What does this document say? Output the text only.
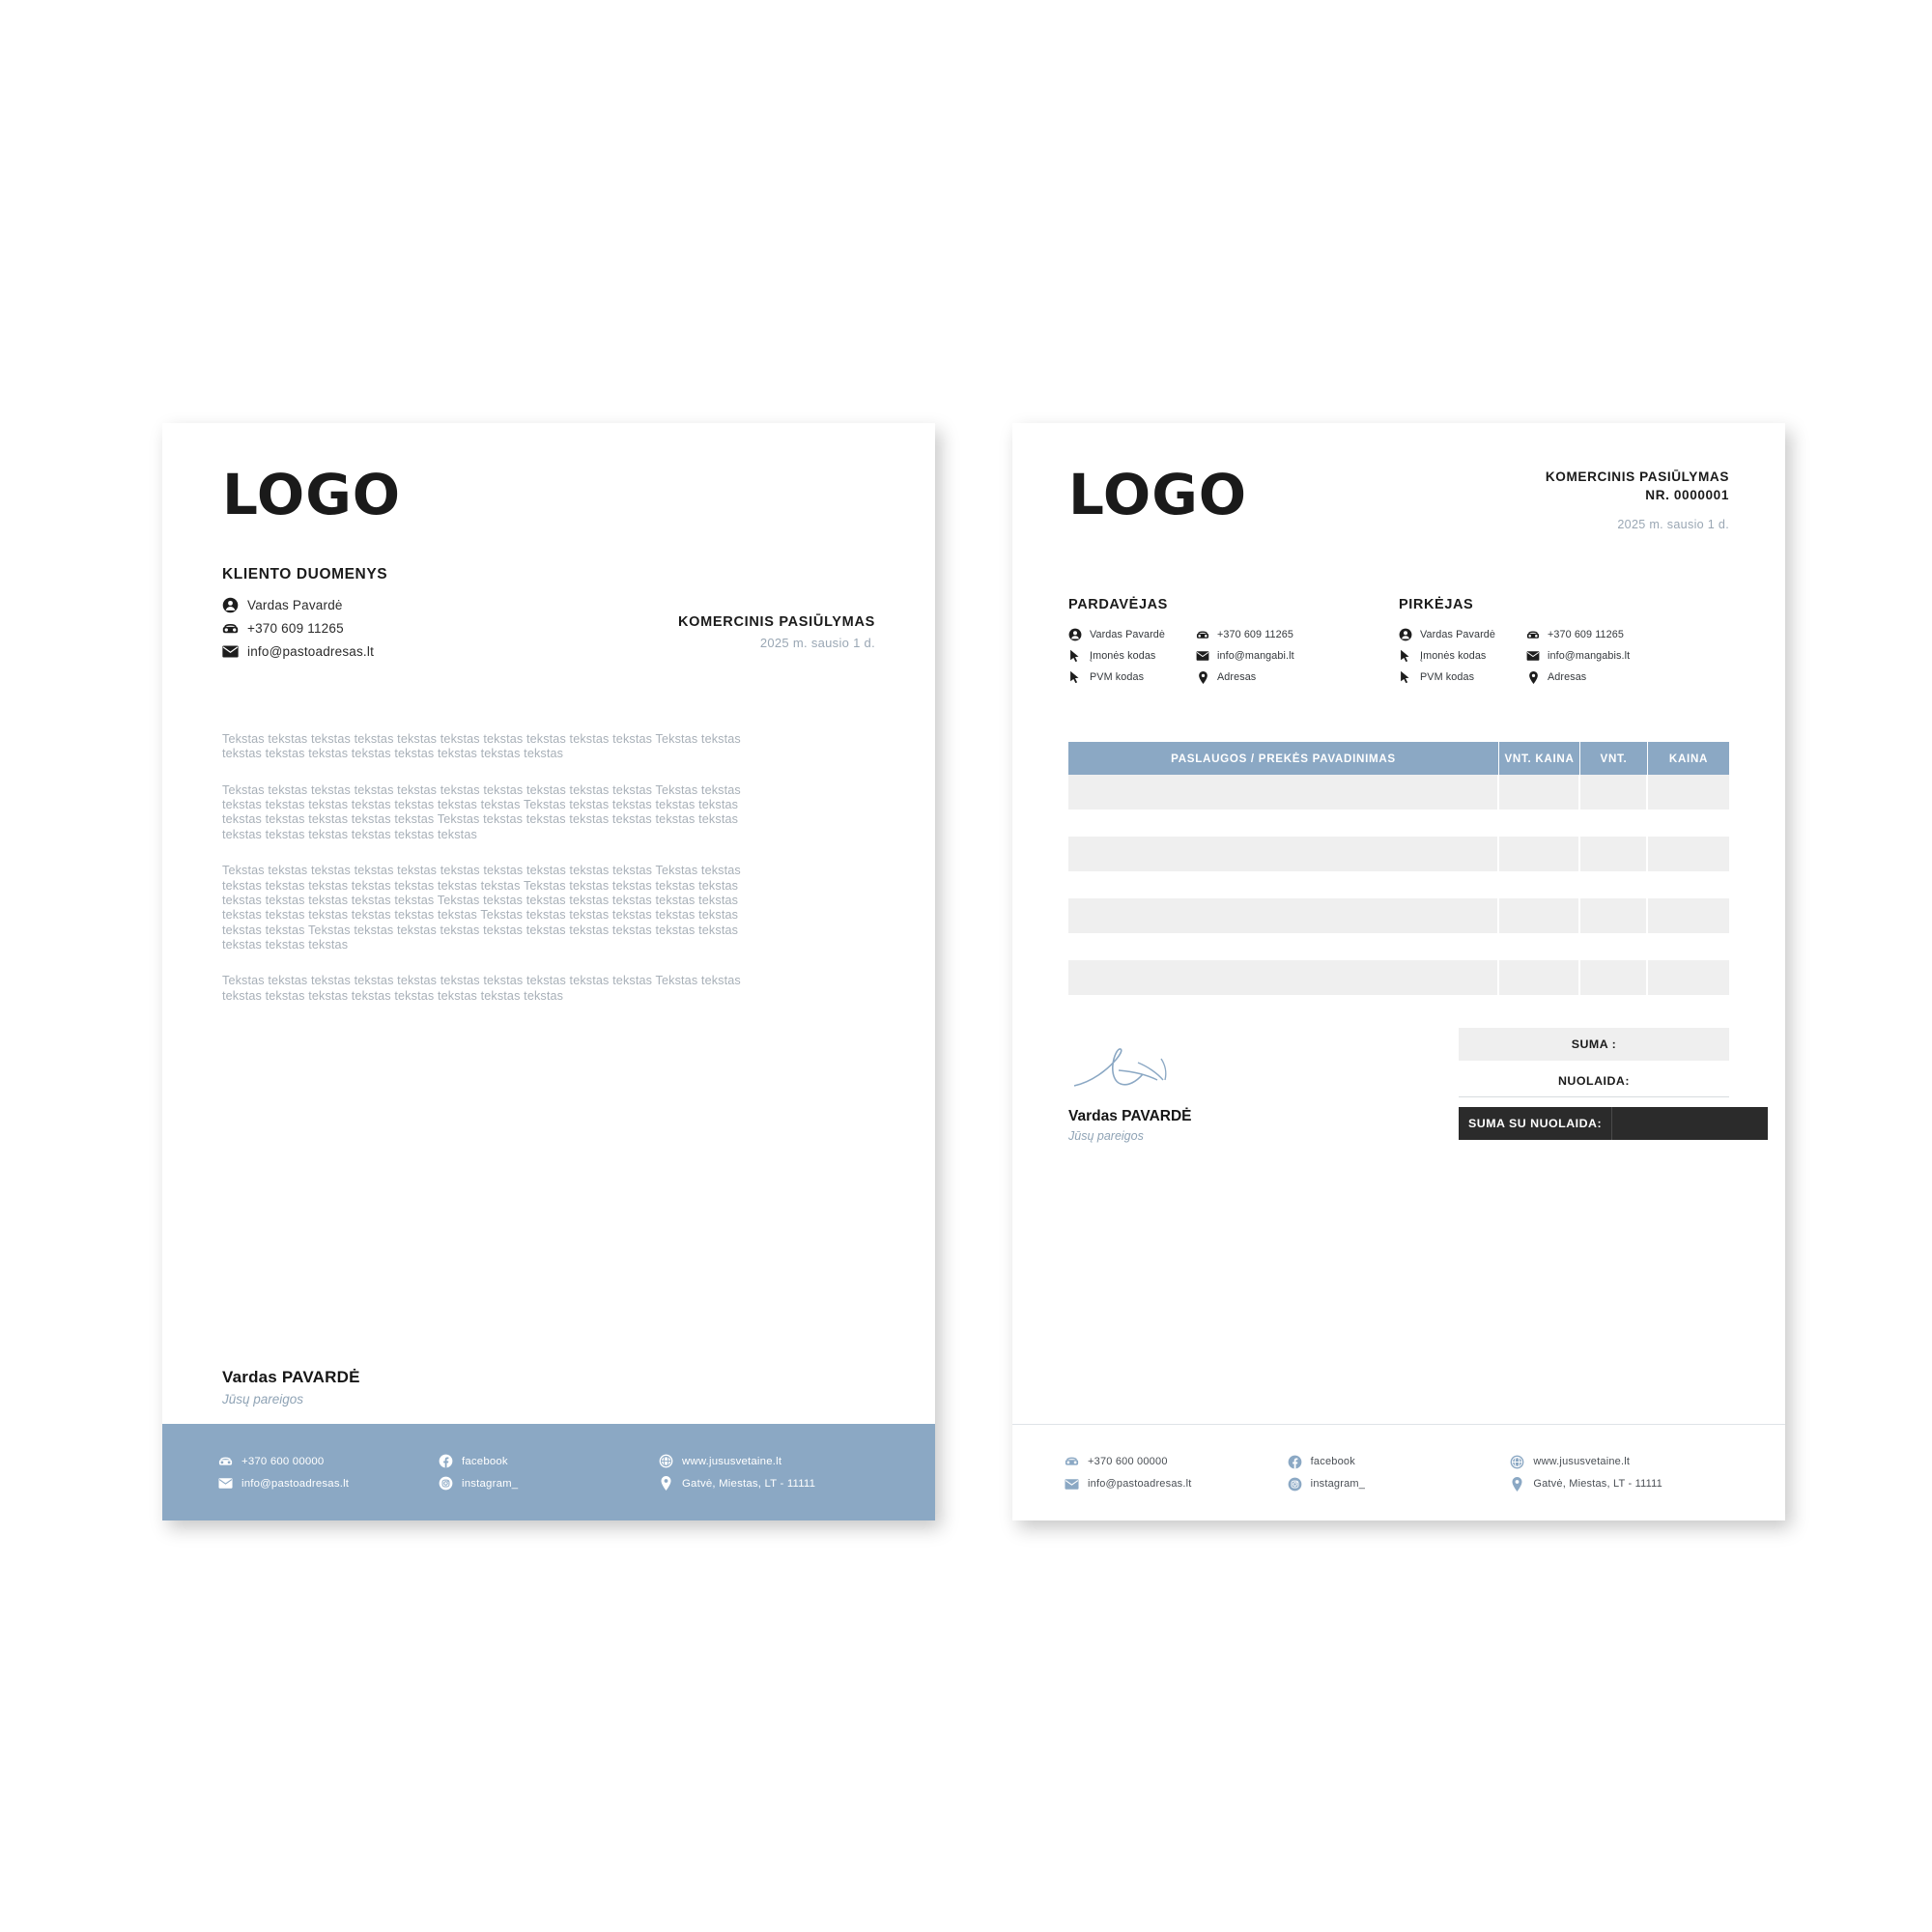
LOGO
KLIENTO DUOMENYS
Vardas Pavardė
+370 609 11265
info@pastoadresas.lt
KOMERCINIS PASIŪLYMAS
2025 m. sausio 1 d.

Tekstas tekstas tekstas tekstas tekstas tekstas tekstas tekstas tekstas tekstas Tekstas tekstas tekstas tekstas tekstas tekstas tekstas tekstas tekstas tekstas

Tekstas tekstas tekstas tekstas tekstas tekstas tekstas tekstas tekstas tekstas Tekstas tekstas tekstas tekstas tekstas tekstas tekstas tekstas tekstas Tekstas tekstas tekstas tekstas tekstas tekstas tekstas tekstas tekstas tekstas Tekstas tekstas tekstas tekstas tekstas tekstas tekstas tekstas tekstas tekstas tekstas tekstas tekstas

Tekstas tekstas tekstas tekstas tekstas tekstas tekstas tekstas tekstas tekstas Tekstas tekstas tekstas tekstas tekstas tekstas tekstas tekstas tekstas Tekstas tekstas tekstas tekstas tekstas tekstas tekstas tekstas tekstas tekstas Tekstas tekstas tekstas tekstas tekstas tekstas tekstas tekstas tekstas tekstas tekstas tekstas tekstas Tekstas tekstas tekstas tekstas tekstas tekstas tekstas tekstas Tekstas tekstas tekstas tekstas tekstas tekstas tekstas tekstas tekstas tekstas tekstas tekstas tekstas

Tekstas tekstas tekstas tekstas tekstas tekstas tekstas tekstas tekstas tekstas Tekstas tekstas tekstas tekstas tekstas tekstas tekstas tekstas tekstas tekstas

Vardas PAVARDĖ
Jūsų pareigos
+370 600 00000
info@pastoadresas.lt
facebook
instagram_
www.jususvetaine.lt
Gatvė, Miestas, LT - 11111
LOGO	KOMERCINIS PASIŪLYMAS
NR. 0000001
2025 m. sausio 1 d.
PARDAVĖJAS
Vardas Pavardė
Įmonės kodas
PVM kodas
+370 609 11265
info@mangabi.lt
Adresas
PIRKĖJAS
Vardas Pavardė
Įmonės kodas
PVM kodas
+370 609 11265
info@mangabis.lt
Adresas
PASLAUGOS / PREKĖS PAVADINIMAS	VNT. KAINA	VNT.	KAINA
Vardas PAVARDĖ
Jūsų pareigos
SUMA :
NUOLAIDA:
SUMA SU NUOLAIDA:
+370 600 00000
info@pastoadresas.lt
facebook
instagram_
www.jususvetaine.lt
Gatvė, Miestas, LT - 11111
